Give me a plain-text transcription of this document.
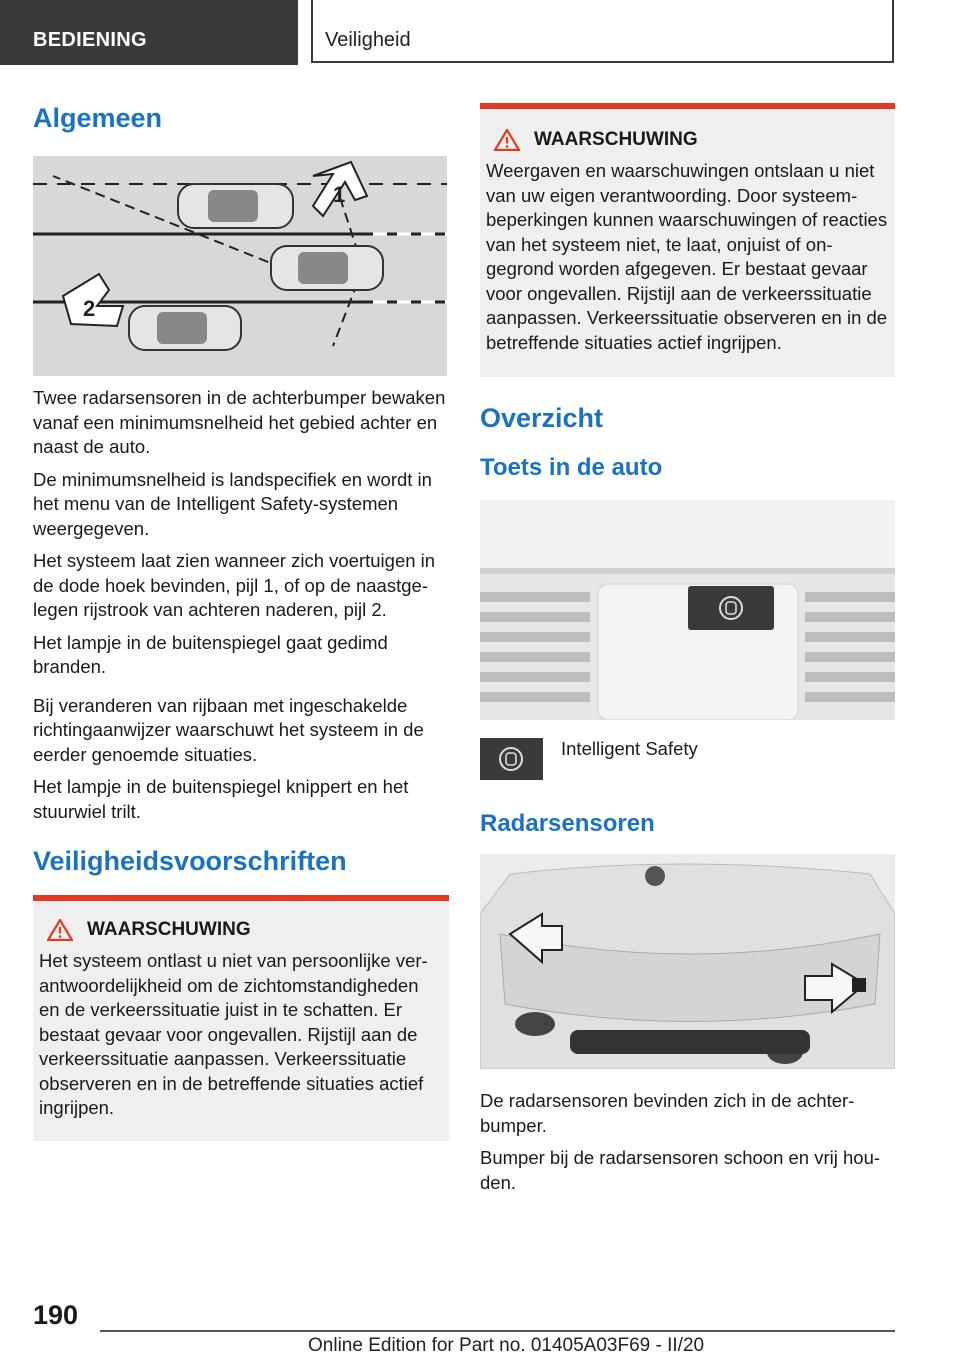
BEDIENING	Veiligheid
Algemeen
1
2

Twee radarsensoren in de achterbumper bewaken vanaf een minimumsnelheid het gebied achter en naast de auto.

De minimumsnelheid is landspecifiek en wordt in het menu van de Intelligent Safety-systemen weergegeven.

Het systeem laat zien wanneer zich voertuigen in de dode hoek bevinden, pijl 1, of op de naastgelegen rijstrook van achteren naderen, pijl 2.

Het lampje in de buitenspiegel gaat gedimd branden.

Bij veranderen van rijbaan met ingeschakelde richtingaanwijzer waarschuwt het systeem in de eerder genoemde situaties.

Het lampje in de buitenspiegel knippert en het stuurwiel trilt.

Veiligheidsvoorschriften
WAARSCHUWING
Het systeem ontlast u niet van persoonlijke verantwoordelijkheid om de zichtomstandigheden en de verkeerssituatie juist in te schatten. Er bestaat gevaar voor ongevallen. Rijstijl aan de verkeerssituatie aanpassen. Verkeerssituatie observeren en in de betreffende situaties actief ingrijpen.
WAARSCHUWING
Weergaven en waarschuwingen ontslaan u niet van uw eigen verantwoording. Door systeembeperkingen kunnen waarschuwingen of reacties van het systeem niet, te laat, onjuist of ongegrond worden afgegeven. Er bestaat gevaar voor ongevallen. Rijstijl aan de verkeerssituatie aanpassen. Verkeerssituatie observeren en in de betreffende situaties actief ingrijpen.
Overzicht
Toets in de auto
Intelligent Safety
Radarsensoren

De radarsensoren bevinden zich in de achterbumper.

Bumper bij de radarsensoren schoon en vrij houden.

190
Online Edition for Part no. 01405A03F69 - II/20
